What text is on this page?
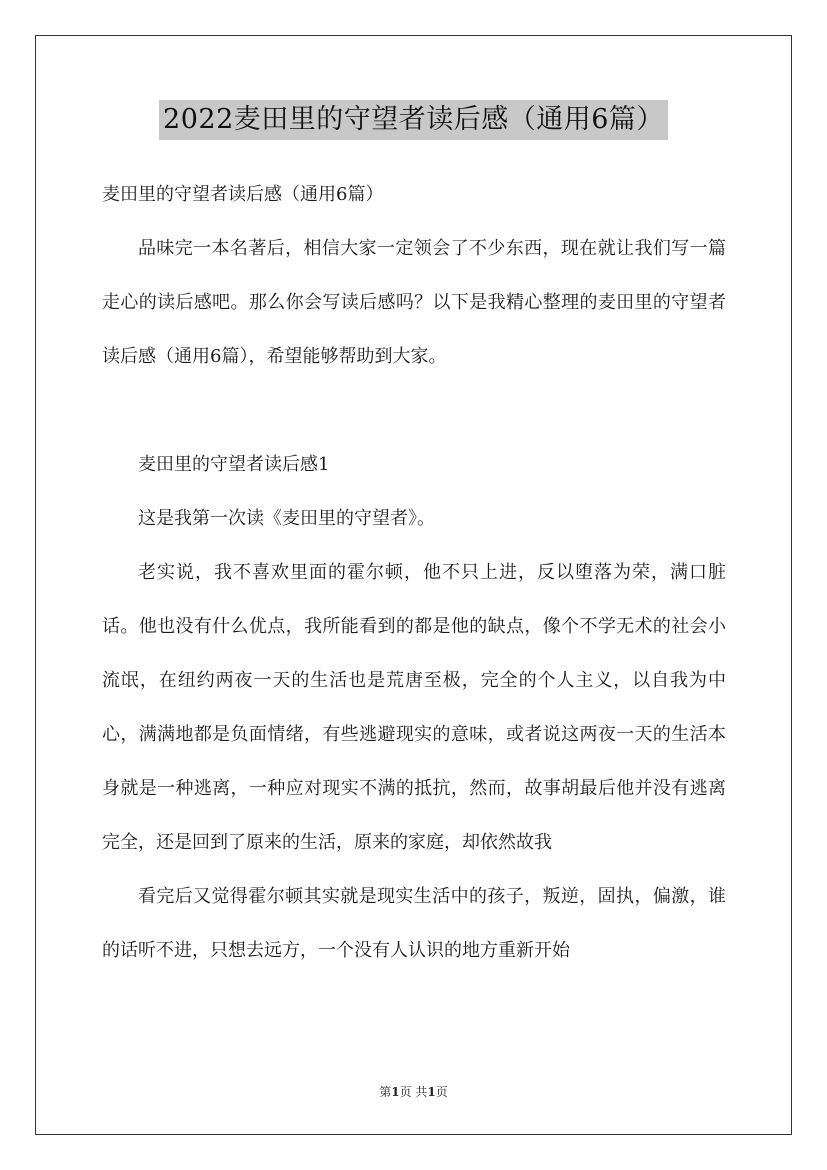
2022麦田里的守望者读后感（通用6篇）

麦田里的守望者读后感（通用6篇）

品味完一本名著后，相信大家一定领会了不少东西，现在就让我们写一篇走心的读后感吧。那么你会写读后感吗？以下是我精心整理的麦田里的守望者读后感（通用6篇），希望能够帮助到大家。

麦田里的守望者读后感1

这是我第一次读《麦田里的守望者》。

老实说，我不喜欢里面的霍尔顿，他不只上进，反以堕落为荣，满口脏话。他也没有什么优点，我所能看到的都是他的缺点，像个不学无术的社会小流氓，在纽约两夜一天的生活也是荒唐至极，完全的个人主义，以自我为中心，满满地都是负面情绪，有些逃避现实的意味，或者说这两夜一天的生活本身就是一种逃离，一种应对现实不满的抵抗，然而，故事胡最后他并没有逃离完全，还是回到了原来的生活，原来的家庭，却依然故我

看完后又觉得霍尔顿其实就是现实生活中的孩子，叛逆，固执，偏激，谁的话听不进，只想去远方，一个没有人认识的地方重新开始

第1页 共1页
